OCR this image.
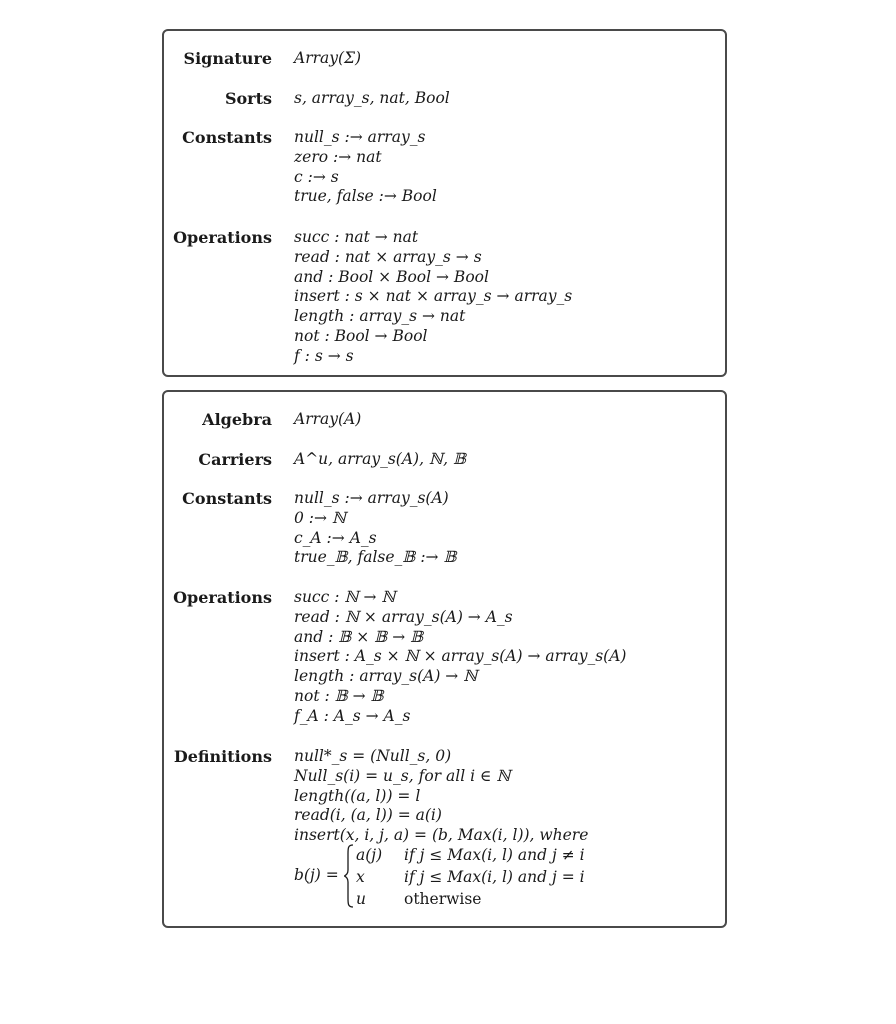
Signature Array(Σ)
Sorts s, array_s, nat, Bool
Constants null_s :→ array_s
zero :→ nat
c :→ s
true, false :→ Bool
Operations succ : nat → nat
read : nat × array_s → s
and : Bool × Bool → Bool
insert : s × nat × array_s → array_s
length : array_s → nat
not : Bool → Bool
f : s → s
Algebra Array(A)
Carriers A^u, array_s(A), ℕ, 𝔹
Constants null_s :→ array_s(A)
0 :→ ℕ
c_A :→ A_s
true_𝔹, false_𝔹 :→ 𝔹
Operations succ : ℕ → ℕ
read : ℕ × array_s(A) → A_s
and : 𝔹 × 𝔹 → 𝔹
insert : A_s × ℕ × array_s(A) → array_s(A)
length : array_s(A) → ℕ
not : 𝔹 → 𝔹
f_A : A_s → A_s
Definitions null*_s = (Null_s, 0)
Null_s(i) = u_s, for all i ∈ ℕ
length((a, l)) = l
read(i, (a, l)) = a(i)
insert(x, i, j, a) = (b, Max(i, l)), where
b(j) =
a(j) if j ≤ Max(i, l) and j ≠ i
x	if j ≤ Max(i, l) and j = i
u otherwise
